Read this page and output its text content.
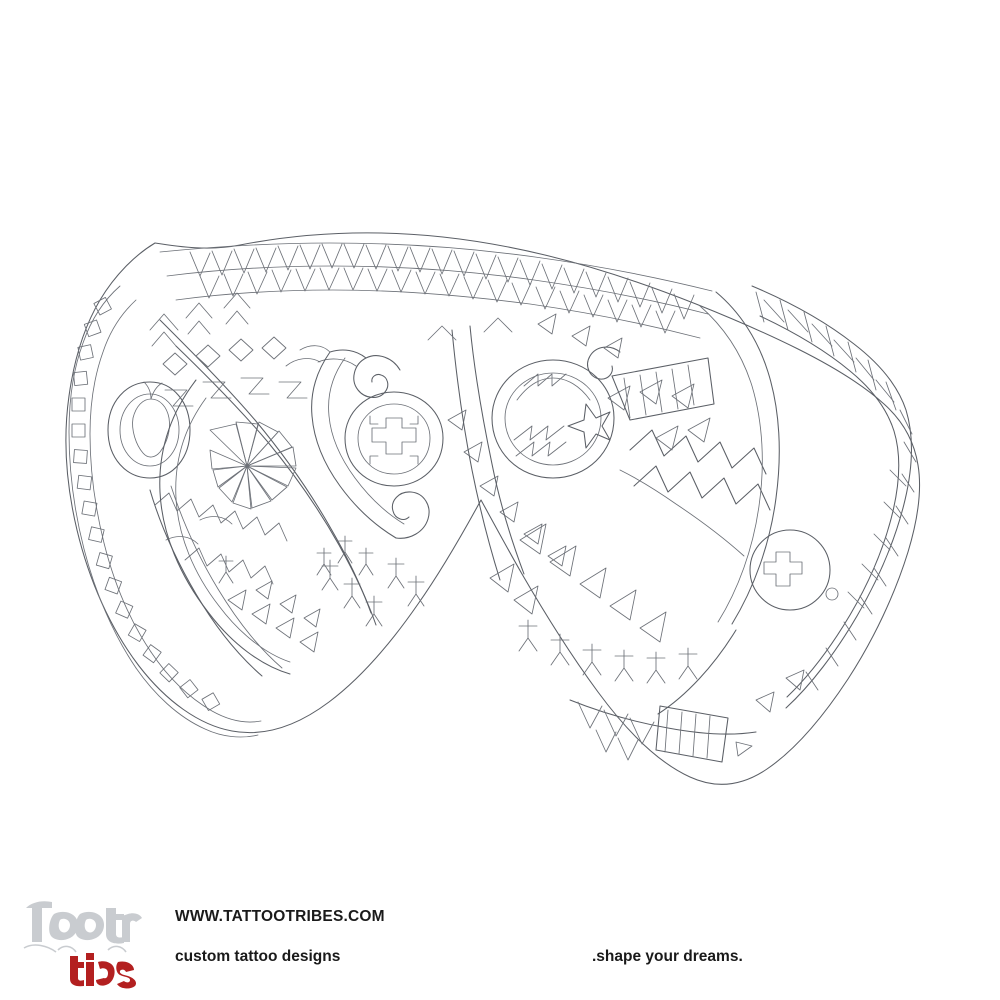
WWW.TATTOOTRIBES.COM
custom tattoo designs	.shape your dreams.
